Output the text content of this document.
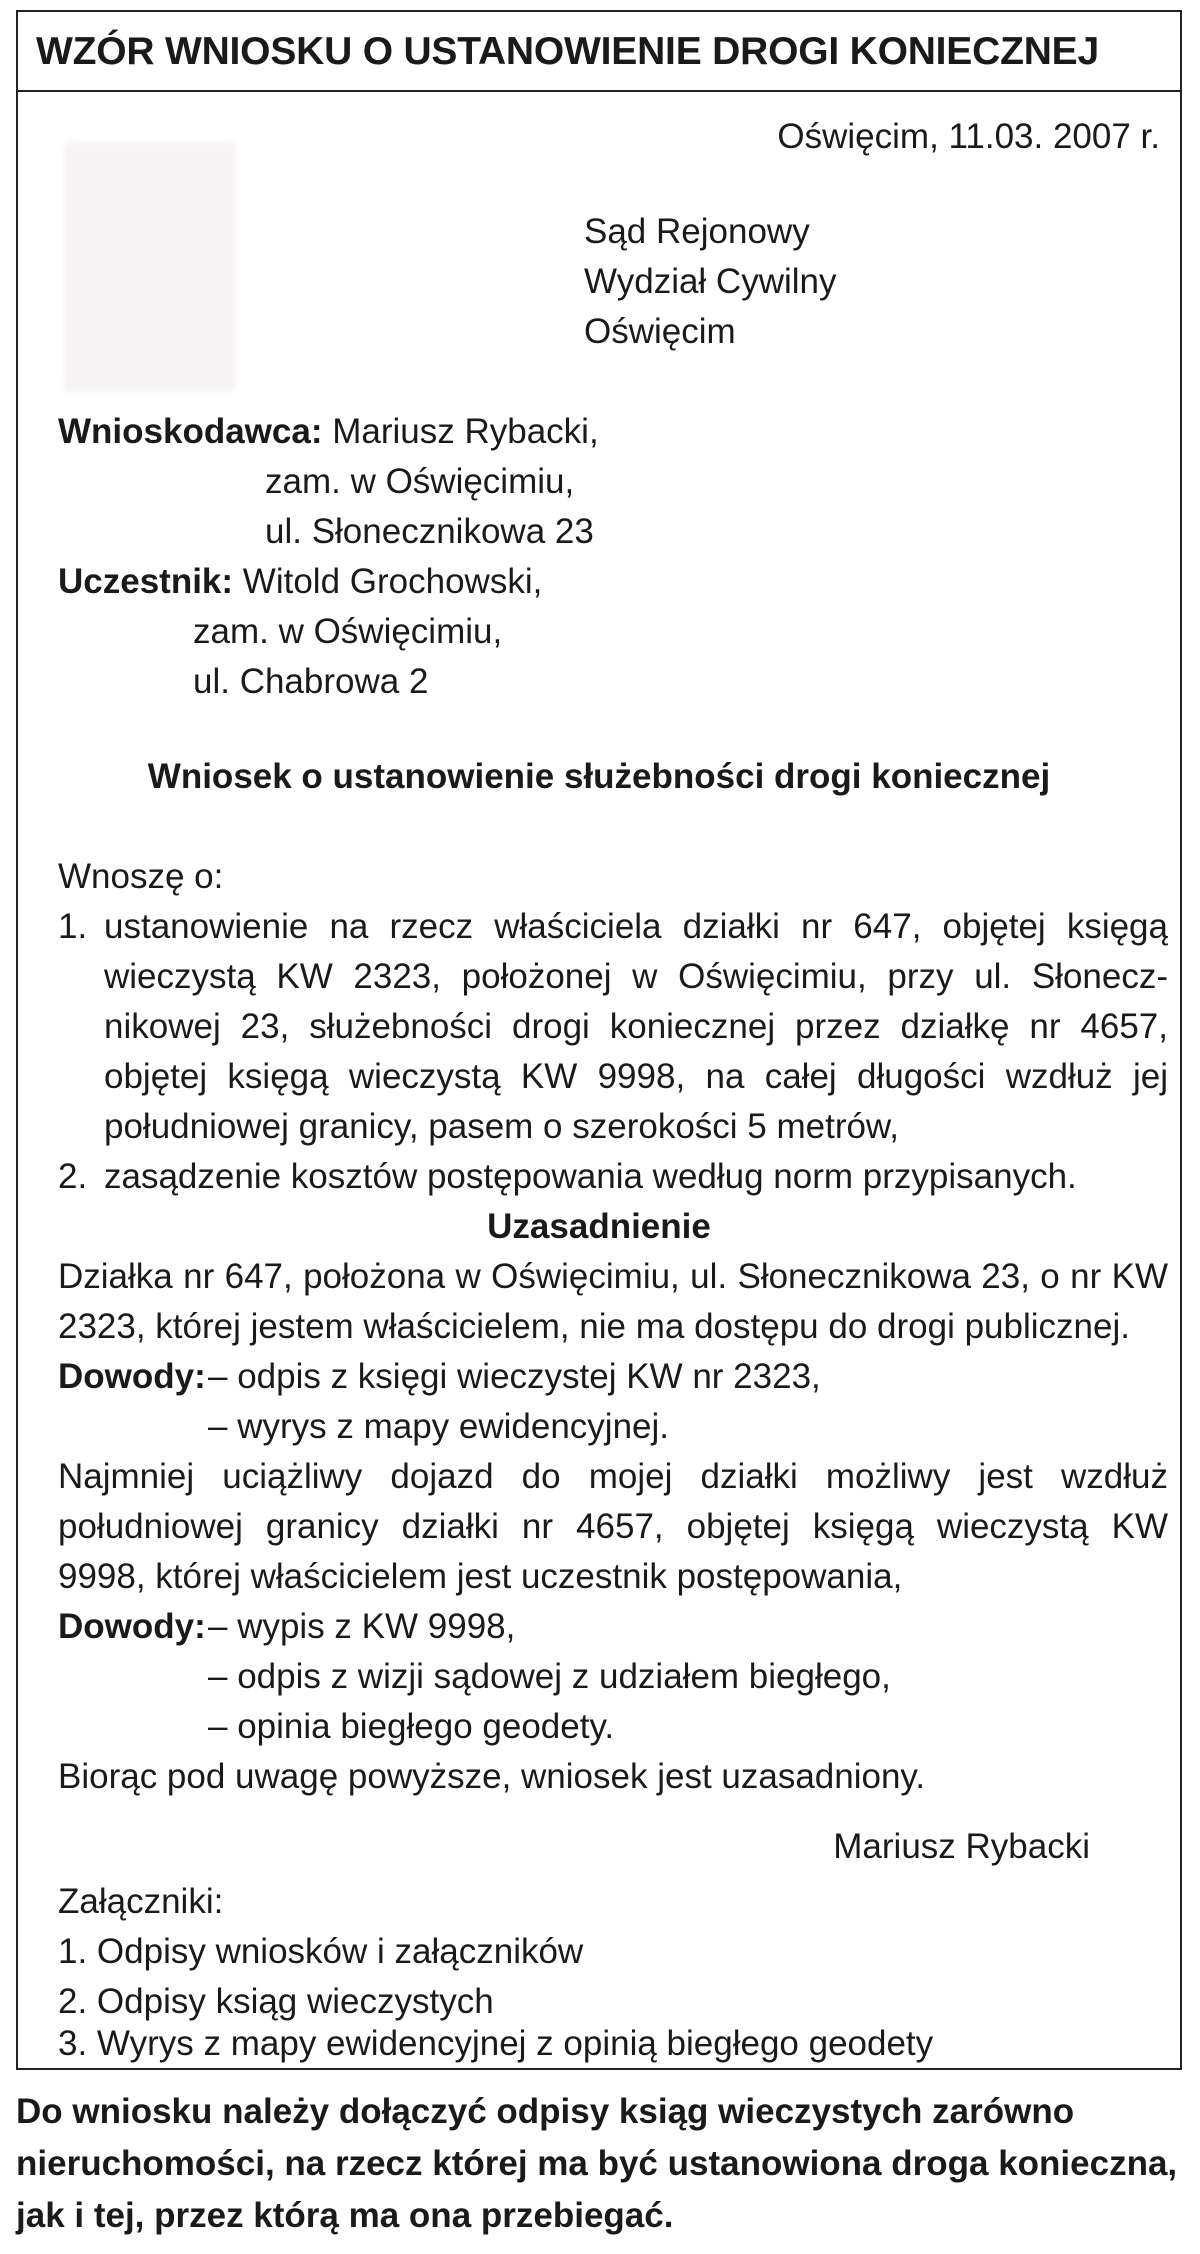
WZÓR WNIOSKU O USTANOWIENIE DROGI KONIECZNEJ
Oświęcim, 11.03. 2007 r.
Sąd Rejonowy
Wydział Cywilny
Oświęcim
Wnioskodawca: Mariusz Rybacki,
zam. w Oświęcimiu,
ul. Słonecznikowa 23
Uczestnik: Witold Grochowski,
zam. w Oświęcimiu,
ul. Chabrowa 2
Wniosek o ustanowienie służebności drogi koniecznej
Wnoszę o:
1. ustanowienie na rzecz właściciela działki nr 647, objętej księgą
wieczystą KW 2323, położonej w Oświęcimiu, przy ul. Słonecz-
nikowej 23, służebności drogi koniecznej przez działkę nr 4657,
objętej księgą wieczystą KW 9998, na całej długości wzdłuż jej
południowej granicy, pasem o szerokości 5 metrów,
2. zasądzenie kosztów postępowania według norm przypisanych.
Uzasadnienie
Działka nr 647, położona w Oświęcimiu, ul. Słonecznikowa 23, o nr KW
2323, której jestem właścicielem, nie ma dostępu do drogi publicznej.
Dowody: – odpis z księgi wieczystej KW nr 2323,
– wyrys z mapy ewidencyjnej.
Najmniej uciążliwy dojazd do mojej działki możliwy jest wzdłuż
południowej granicy działki nr 4657, objętej księgą wieczystą KW
9998, której właścicielem jest uczestnik postępowania,
Dowody: – wypis z KW 9998,
– odpis z wizji sądowej z udziałem biegłego,
– opinia biegłego geodety.
Biorąc pod uwagę powyższe, wniosek jest uzasadniony.
Mariusz Rybacki
Załączniki:
1. Odpisy wniosków i załączników
2. Odpisy ksiąg wieczystych
3. Wyrys z mapy ewidencyjnej z opinią biegłego geodety
Do wniosku należy dołączyć odpisy ksiąg wieczystych zarówno
nieruchomości, na rzecz której ma być ustanowiona droga konieczna,
jak i tej, przez którą ma ona przebiegać.
